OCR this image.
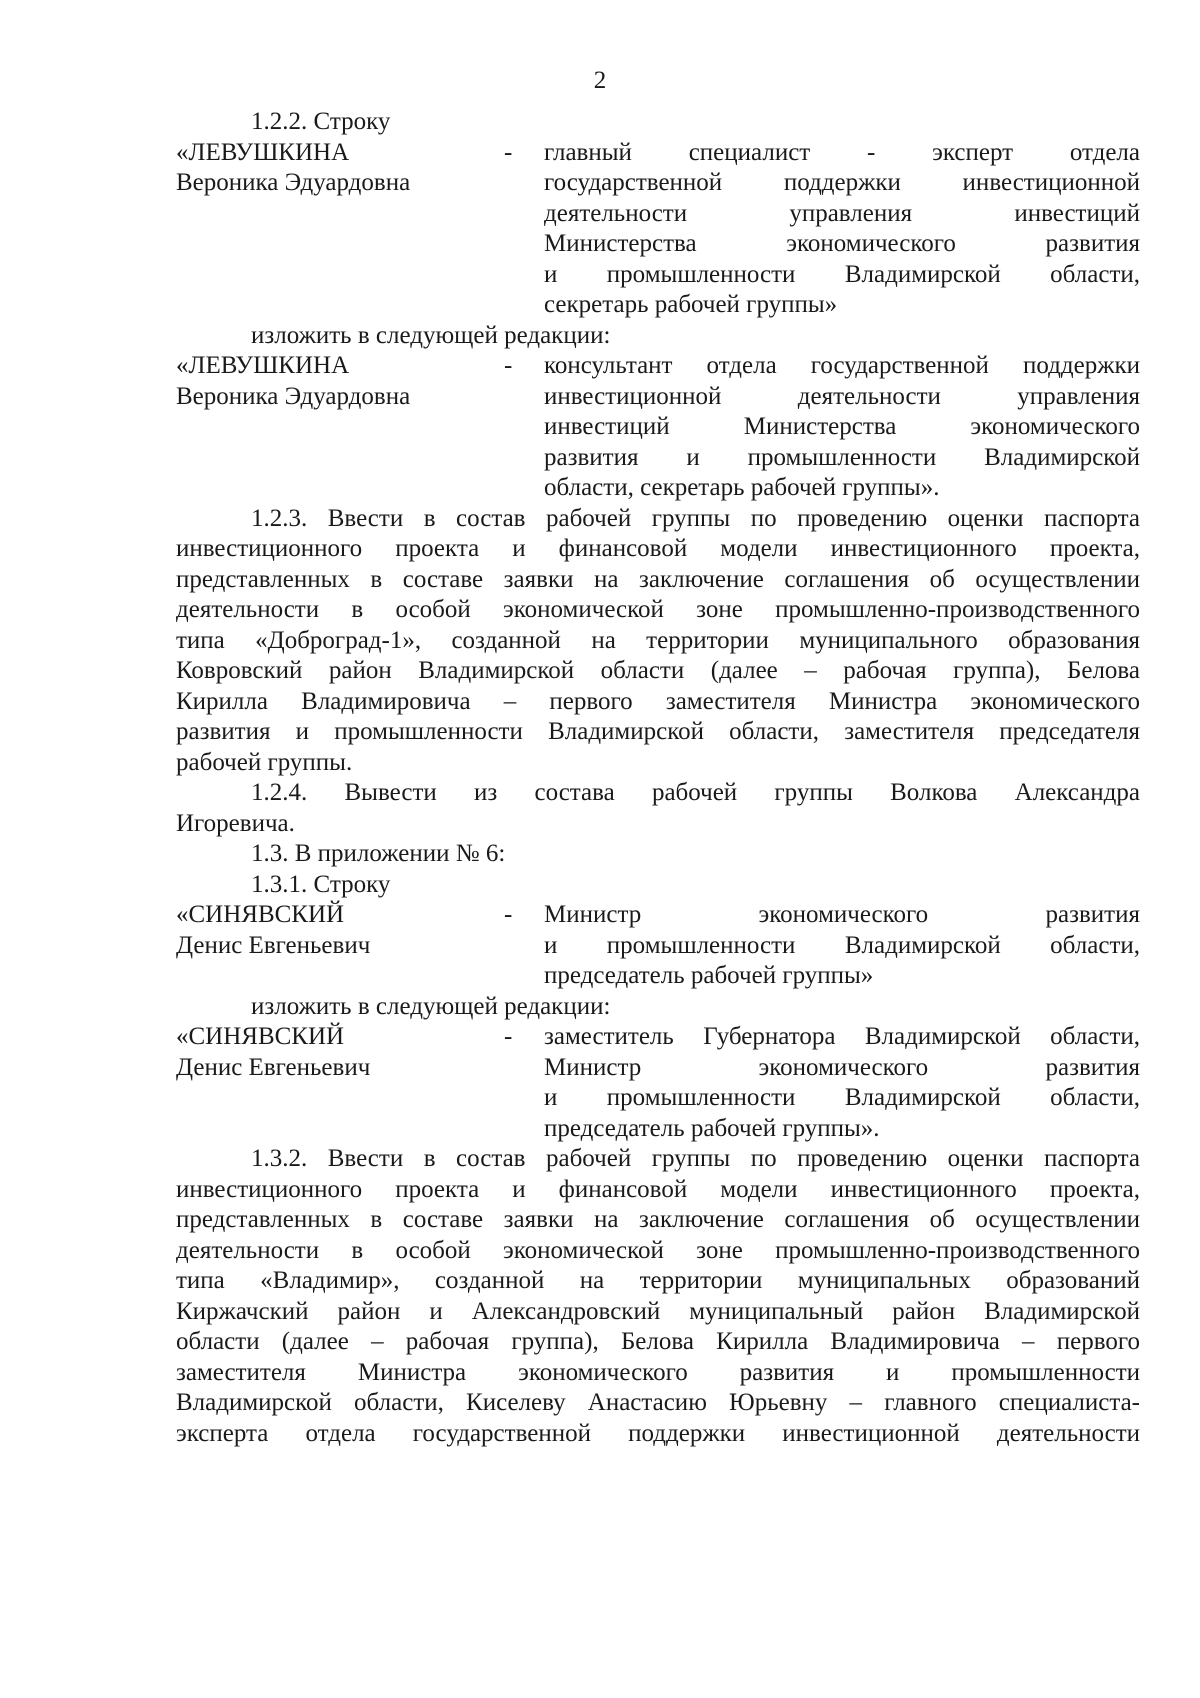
2
1.2.2. Строку
«ЛЕВУШКИНА
Вероника Эдуардовна
-	главный специалист - эксперт отдела
государственной поддержки инвестиционной
деятельности управления инвестиций
Министерства экономического развития
и промышленности Владимирской области,
секретарь рабочей группы»
изложить в следующей редакции:
«ЛЕВУШКИНА
Вероника Эдуардовна
-	консультант отдела государственной поддержки
инвестиционной деятельности управления
инвестиций Министерства экономического
развития и промышленности Владимирской
области, секретарь рабочей группы».
1.2.3. Ввести в состав рабочей группы по проведению оценки паспорта
инвестиционного проекта и финансовой модели инвестиционного проекта,
представленных в составе заявки на заключение соглашения об осуществлении
деятельности в особой экономической зоне промышленно-производственного
типа «Доброград-1», созданной на территории муниципального образования
Ковровский район Владимирской области (далее – рабочая группа), Белова
Кирилла Владимировича – первого заместителя Министра экономического
развития и промышленности Владимирской области, заместителя председателя
рабочей группы.
1.2.4. Вывести из состава рабочей группы Волкова Александра
Игоревича.
1.3. В приложении № 6:
1.3.1. Строку
«СИНЯВСКИЙ
Денис Евгеньевич
-	Министр экономического развития
и промышленности Владимирской области,
председатель рабочей группы»
изложить в следующей редакции:
«СИНЯВСКИЙ
Денис Евгеньевич
-	заместитель Губернатора Владимирской области,
Министр экономического развития
и промышленности Владимирской области,
председатель рабочей группы».
1.3.2. Ввести в состав рабочей группы по проведению оценки паспорта
инвестиционного проекта и финансовой модели инвестиционного проекта,
представленных в составе заявки на заключение соглашения об осуществлении
деятельности в особой экономической зоне промышленно-производственного
типа «Владимир», созданной на территории муниципальных образований
Киржачский район и Александровский муниципальный район Владимирской
области (далее – рабочая группа), Белова Кирилла Владимировича – первого
заместителя Министра экономического развития и промышленности
Владимирской области, Киселеву Анастасию Юрьевну – главного специалиста-
эксперта отдела государственной поддержки инвестиционной деятельности
